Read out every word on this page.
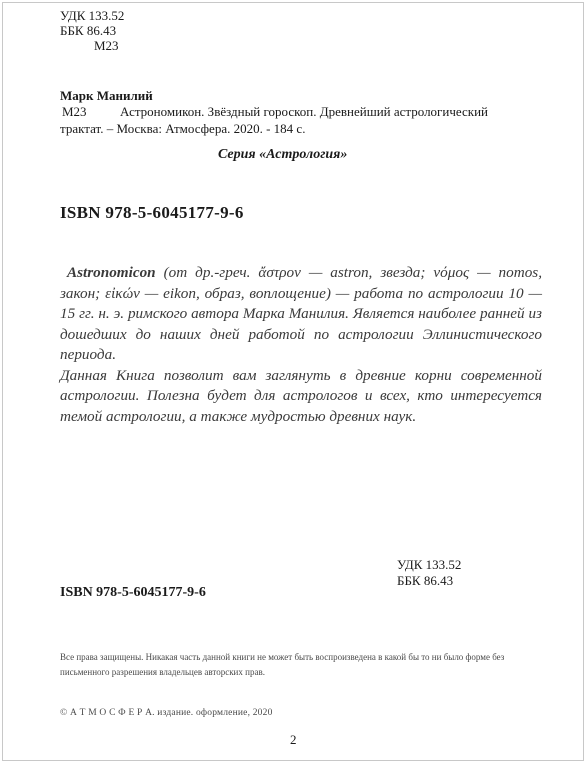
УДК 133.52
ББК 86.43
М23
Марк Манилий
М23	Астрономикон. Звёздный гороскоп. Древнейший астрологический
трактат. – Москва: Атмосфера. 2020. - 184 с.
Серия «Астрология»
ISBN 978-5-6045177-9-6

Astronomicon (от др.-греч. ἄστρον — astron, звезда; νόμος — nomos, закон; εἰκών — eikon, образ, воплощение) — работа по астрологии 10 — 15 гг. н. э. римского автора Марка Манилия. Является наиболее ранней из дошедших до наших дней работой по астрологии Эллинистического периода.

Данная Книга позволит вам заглянуть в древние корни современной астрологии. Полезна будет для астрологов и всех, кто интересуется темой астрологии, а также мудростью древних наук.

УДК 133.52
ББК 86.43
ISBN 978-5-6045177-9-6
Все права защищены. Никакая часть данной книги не может быть воспроизведена в какой бы то ни было форме без письменного разрешения владельцев авторских прав.
© А Т М О С Ф Е Р А. издание. оформление, 2020
2
